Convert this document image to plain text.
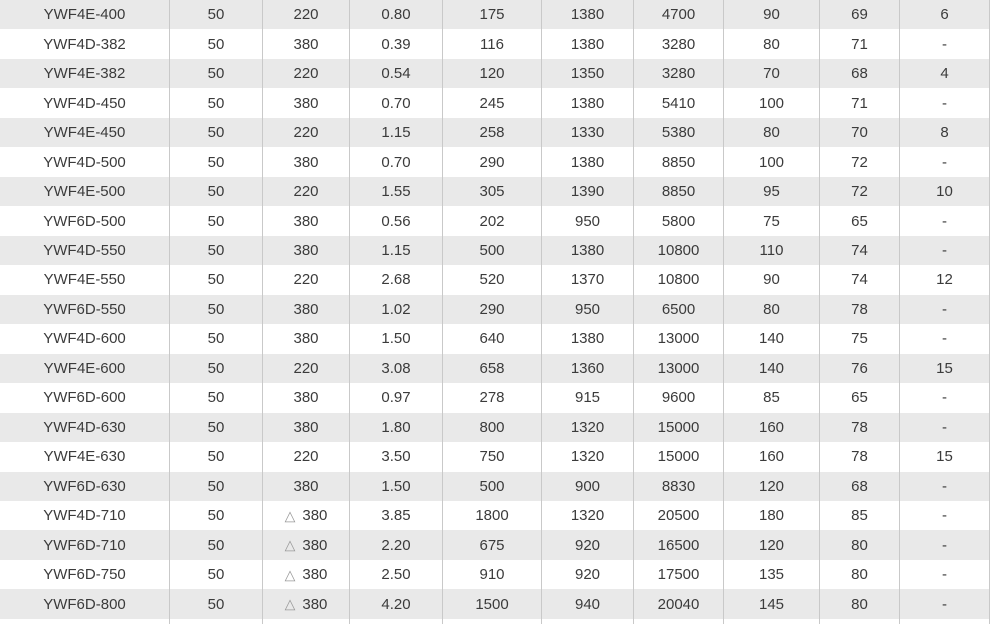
YWF4E-400	50	220	0.80	175	1380	4700	90	69	6
YWF4D-382	50	380	0.39	116	1380	3280	80	71	-
YWF4E-382	50	220	0.54	120	1350	3280	70	68	4
YWF4D-450	50	380	0.70	245	1380	5410	100	71	-
YWF4E-450	50	220	1.15	258	1330	5380	80	70	8
YWF4D-500	50	380	0.70	290	1380	8850	100	72	-
YWF4E-500	50	220	1.55	305	1390	8850	95	72	10
YWF6D-500	50	380	0.56	202	950	5800	75	65	-
YWF4D-550	50	380	1.15	500	1380	10800	110	74	-
YWF4E-550	50	220	2.68	520	1370	10800	90	74	12
YWF6D-550	50	380	1.02	290	950	6500	80	78	-
YWF4D-600	50	380	1.50	640	1380	13000	140	75	-
YWF4E-600	50	220	3.08	658	1360	13000	140	76	15
YWF6D-600	50	380	0.97	278	915	9600	85	65	-
YWF4D-630	50	380	1.80	800	1320	15000	160	78	-
YWF4E-630	50	220	3.50	750	1320	15000	160	78	15
YWF6D-630	50	380	1.50	500	900	8830	120	68	-
YWF4D-710	50	△ 380	3.85	1800	1320	20500	180	85	-
YWF6D-710	50	△ 380	2.20	675	920	16500	120	80	-
YWF6D-750	50	△ 380	2.50	910	920	17500	135	80	-
YWF6D-800	50	△ 380	4.20	1500	940	20040	145	80	-
